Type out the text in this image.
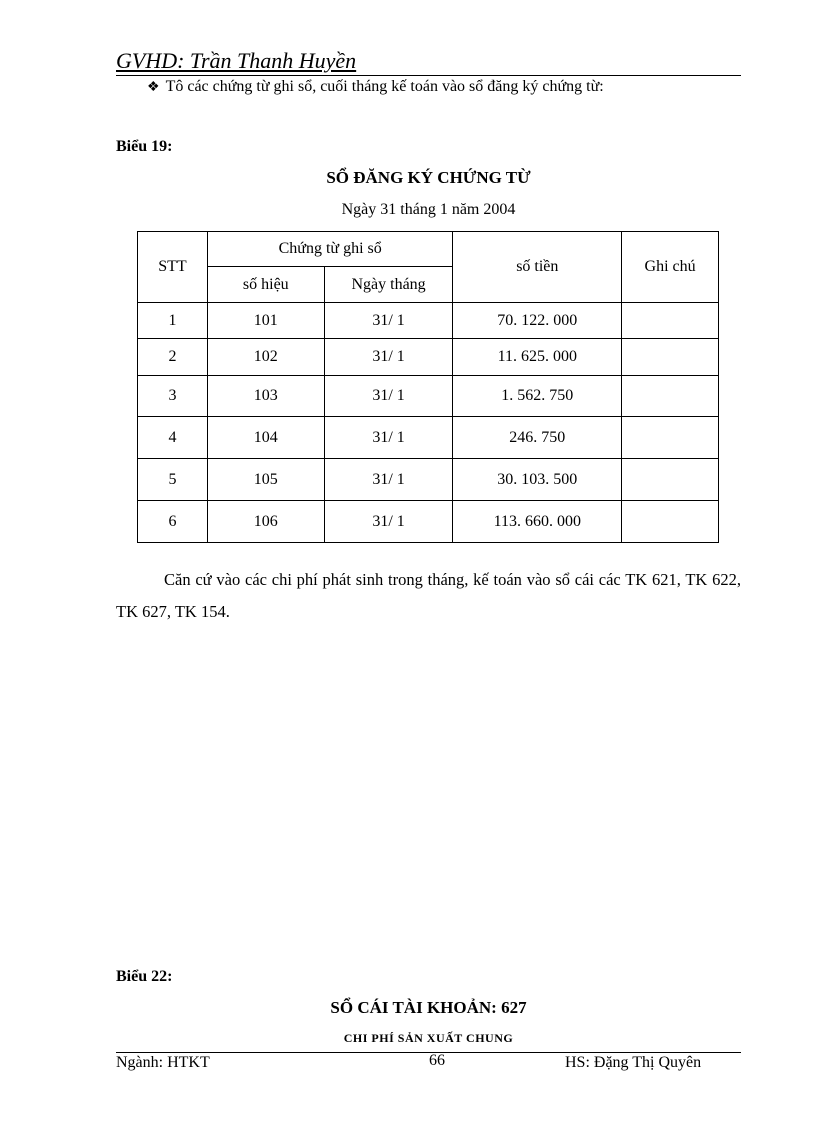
GVHD: Trần Thanh Huyền
❖ Tô các chứng từ ghi sổ, cuối tháng kế toán vào sổ đăng ký chứng từ:
Biểu 19:
SỔ ĐĂNG KÝ CHỨNG TỪ
Ngày 31 tháng 1 năm 2004
STT	Chứng từ ghi sổ		số tiền	Ghi chú
	số hiệu	Ngày tháng		
1	101	31/ 1	70. 122. 000	
2	102	31/ 1	11. 625. 000	
3	103	31/ 1	1. 562. 750	
4	104	31/ 1	246. 750	
5	105	31/ 1	30. 103. 500	
6	106	31/ 1	113. 660. 000	
Căn cứ vào các chi phí phát sinh trong tháng, kế toán vào sổ cái các TK 621, TK 622, TK 627, TK 154.
Biểu 22:
SỔ CÁI TÀI KHOẢN: 627
CHI PHÍ SẢN XUẤT CHUNG
Ngành: HTKT	66	HS: Đặng Thị Quyên
